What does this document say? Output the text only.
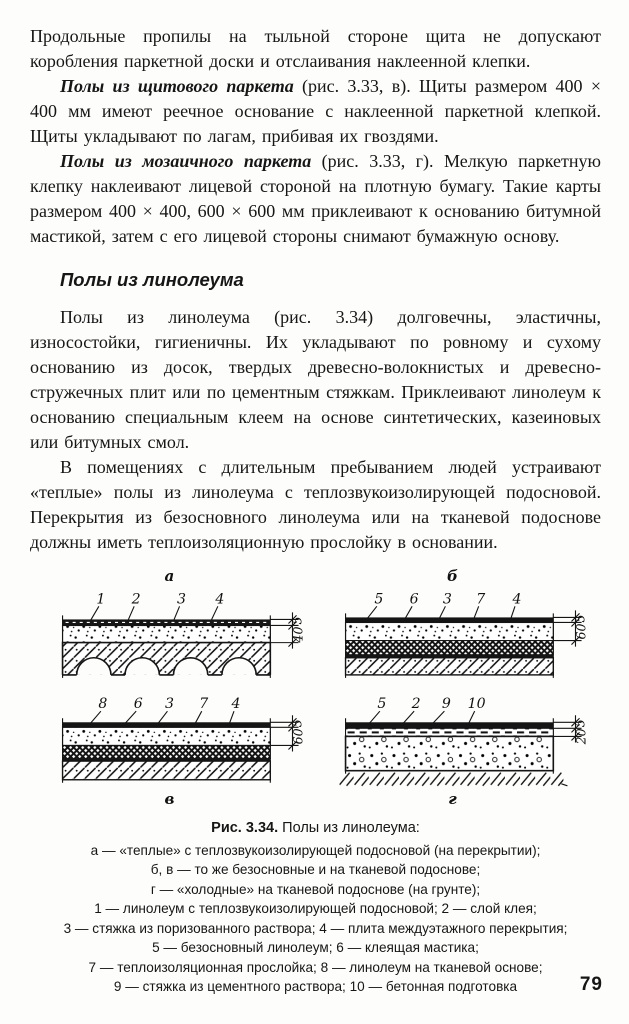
Продольные пропилы на тыльной стороне щита не допускают коробления паркетной доски и отслаивания наклеенной клепки.

Полы из щитового паркета (рис. 3.33, в). Щиты размером 400 × 400 мм имеют реечное основание с наклеенной паркетной клепкой. Щиты укладывают по лагам, прибивая их гвоздями.

Полы из мозаичного паркета (рис. 3.33, г). Мелкую паркетную клепку наклеивают лицевой стороной на плотную бумагу. Такие карты размером 400 × 400, 600 × 600 мм приклеивают к основанию битумной мастикой, затем с его лицевой стороны снимают бумажную основу.

Полы из линолеума

Полы из линолеума (рис. 3.34) долговечны, эластичны, износостойки, гигиеничны. Их укладывают по ровному и сухому основанию из досок, твердых древесно-волокнистых и древесно-стружечных плит или по цементным стяжкам. Приклеивают линолеум к основанию специальным клеем на основе синтетических, казеиновых или битумных смол.

В помещениях с длительным пребыванием людей устраивают «теплые» полы из линолеума с теплозвукоизолирующей подосновой. Перекрытия из безосновного линолеума или на тканевой подоснове должны иметь теплоизоляционную прослойку в основании.

а
1 2	3 4
5
40
б
5 6 3 7 4
5
60
8 6 3 7 4
в
5
60
5 2 9 10
г
5
20
Рис. 3.34. Полы из линолеума:
а — «теплые» с теплозвукоизолирующей подосновой (на перекрытии);
б, в — то же безосновные и на тканевой подоснове;
г — «холодные» на тканевой подоснове (на грунте);
1 — линолеум с теплозвукоизолирующей подосновой; 2 — слой клея;
3 — стяжка из поризованного раствора; 4 — плита междуэтажного перекрытия;
5 — безосновный линолеум; 6 — клеящая мастика;
7 — теплоизоляционная прослойка; 8 — линолеум на тканевой основе;
9 — стяжка из цементного раствора; 10 — бетонная подготовка	79
